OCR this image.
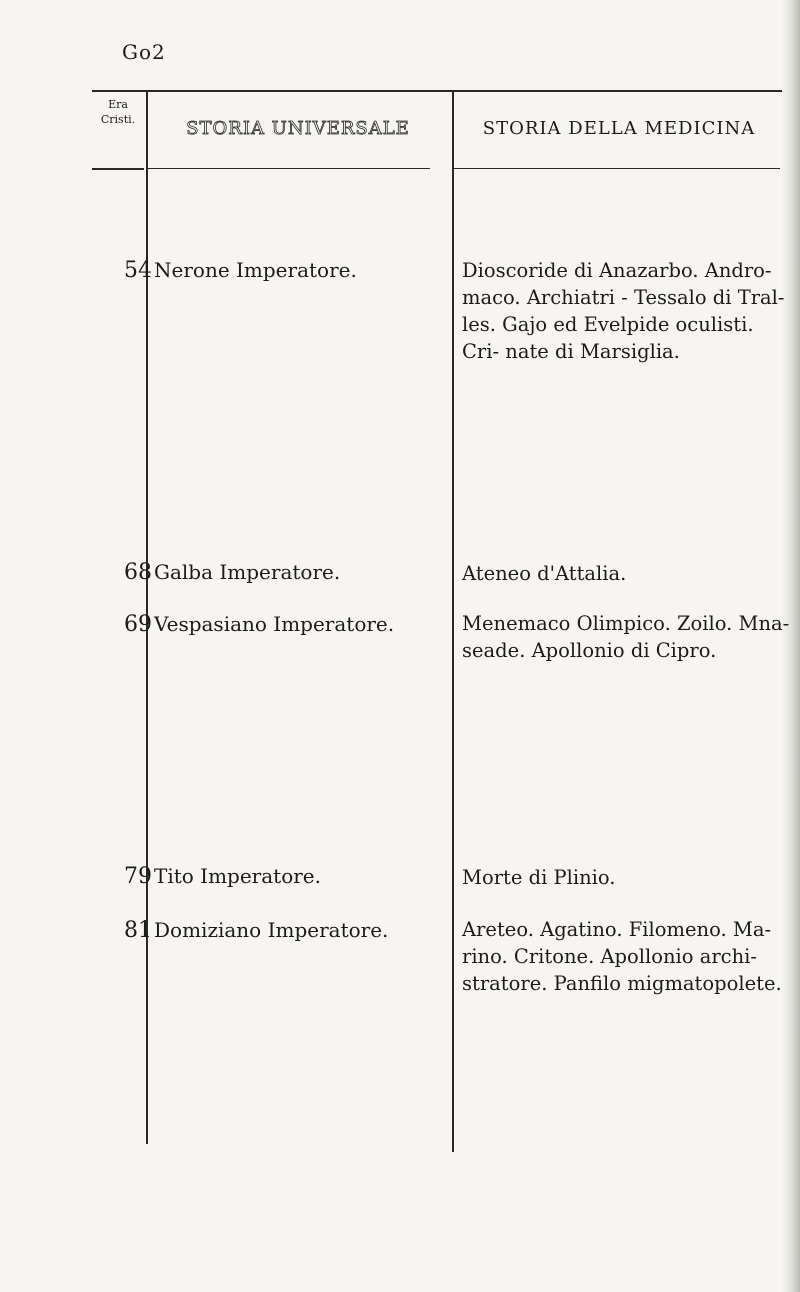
Go2
Era
Cristi.	STORIA UNIVERSALE	STORIA DELLA MEDICINA
54 Nerone Imperatore.	Dioscoride di Anazarbo. Andro- maco. Archiatri - Tessalo di Tral- les. Gajo ed Evelpide oculisti. Cri- nate di Marsiglia.
68 Galba Imperatore.	Ateneo d'Attalia.
69 Vespasiano Imperatore.	Menemaco Olimpico. Zoilo. Mna- seade. Apollonio di Cipro.
79 Tito Imperatore.	Morte di Plinio.
81 Domiziano Imperatore.	Areteo. Agatino. Filomeno. Ma- rino. Critone. Apollonio archi- stratore. Panfilo migmatopolete.
